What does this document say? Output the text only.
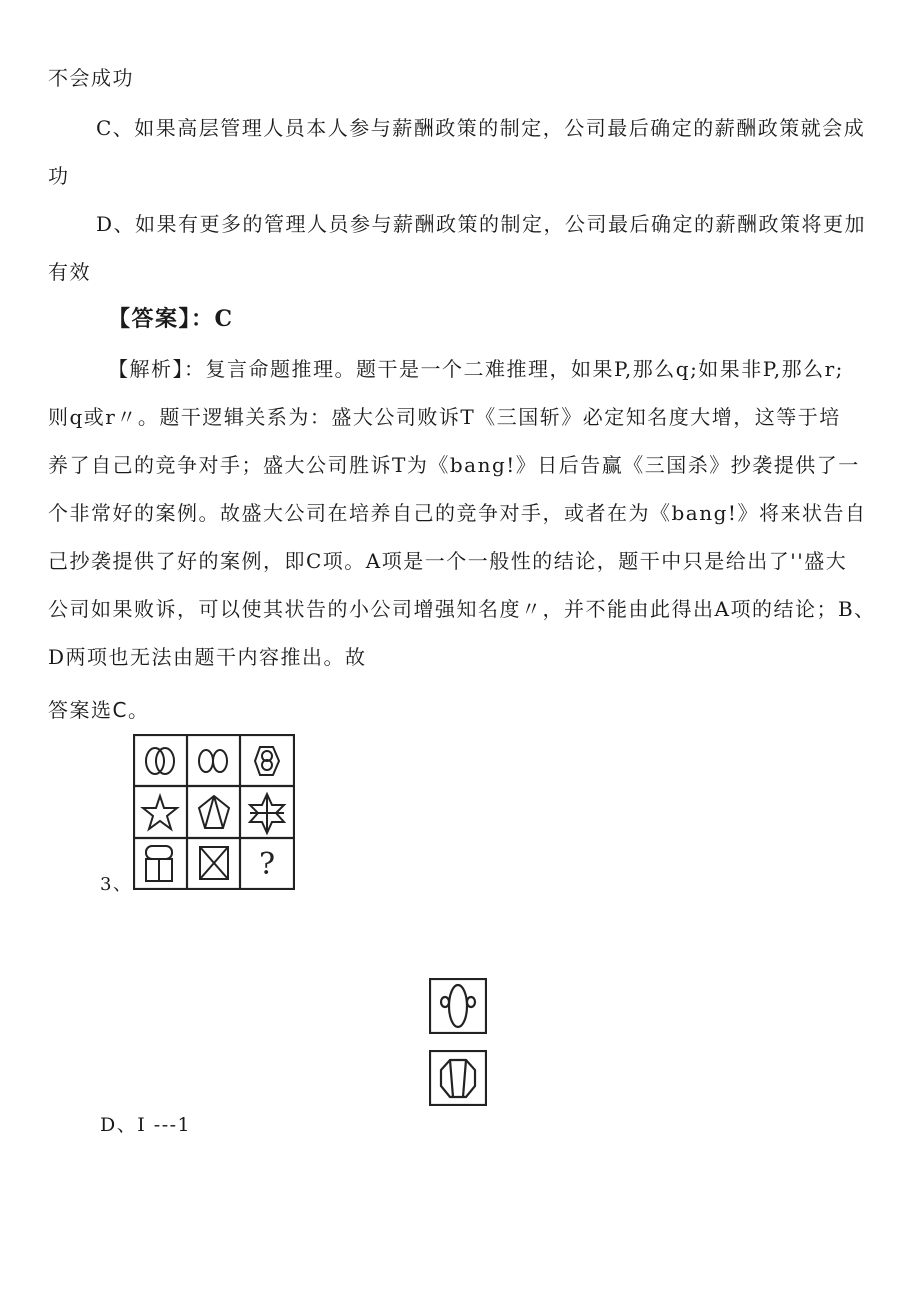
不会成功
C、如果高层管理人员本人参与薪酬政策的制定，公司最后确定的薪酬政策就会成
功
D、如果有更多的管理人员参与薪酬政策的制定，公司最后确定的薪酬政策将更加
有效
【答案】：C
【解析】：复言命题推理。题干是一个二难推理，如果P,那么q;如果非P,那么r;
则q或r〃。题干逻辑关系为：盛大公司败诉T《三国斩》必定知名度大增，这等于培
养了自己的竞争对手；盛大公司胜诉T为《bang!》日后告赢《三国杀》抄袭提供了一
个非常好的案例。故盛大公司在培养自己的竞争对手，或者在为《bang!》将来状告自
己抄袭提供了好的案例，即C项。A项是一个一般性的结论，题干中只是给出了''盛大
公司如果败诉，可以使其状告的小公司增强知名度〃，并不能由此得出A项的结论；B、
D两项也无法由题干内容推出。故
答案选C。
3、
?
D、I ---1
